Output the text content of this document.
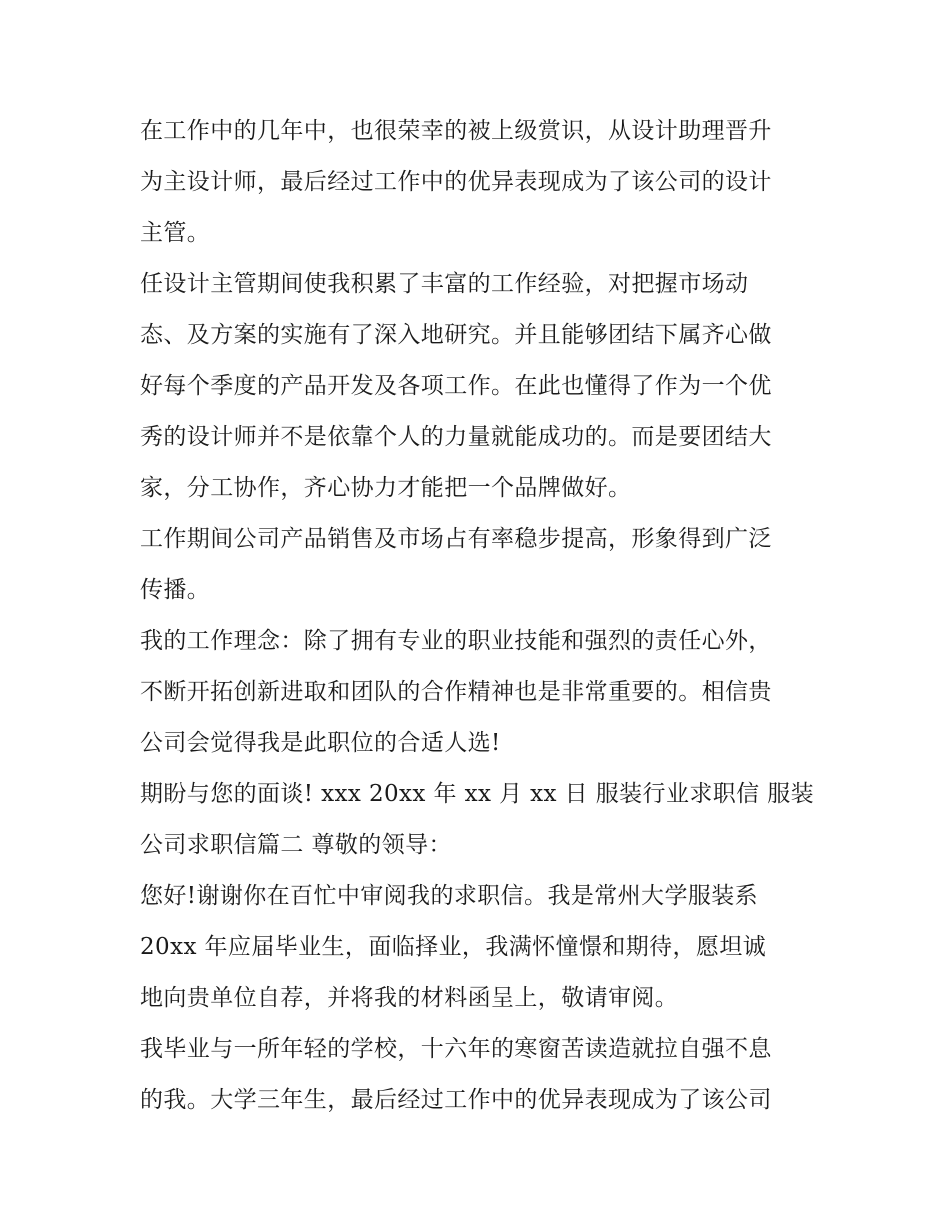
在工作中的几年中，也很荣幸的被上级赏识，从设计助理晋升
为主设计师，最后经过工作中的优异表现成为了该公司的设计
主管。
任设计主管期间使我积累了丰富的工作经验，对把握市场动
态、及方案的实施有了深入地研究。并且能够团结下属齐心做
好每个季度的产品开发及各项工作。在此也懂得了作为一个优
秀的设计师并不是依靠个人的力量就能成功的。而是要团结大
家，分工协作，齐心协力才能把一个品牌做好。
工作期间公司产品销售及市场占有率稳步提高，形象得到广泛
传播。
我的工作理念：除了拥有专业的职业技能和强烈的责任心外，
不断开拓创新进取和团队的合作精神也是非常重要的。相信贵
公司会觉得我是此职位的合适人选!
期盼与您的面谈! xxx 20xx 年 xx 月 xx 日 服装行业求职信 服装
公司求职信篇二 尊敬的领导：
您好!谢谢你在百忙中审阅我的求职信。我是常州大学服装系
20xx 年应届毕业生，面临择业，我满怀憧憬和期待，愿坦诚
地向贵单位自荐，并将我的材料函呈上，敬请审阅。
我毕业与一所年轻的学校，十六年的寒窗苦读造就拉自强不息
的我。大学三年生，最后经过工作中的优异表现成为了该公司
